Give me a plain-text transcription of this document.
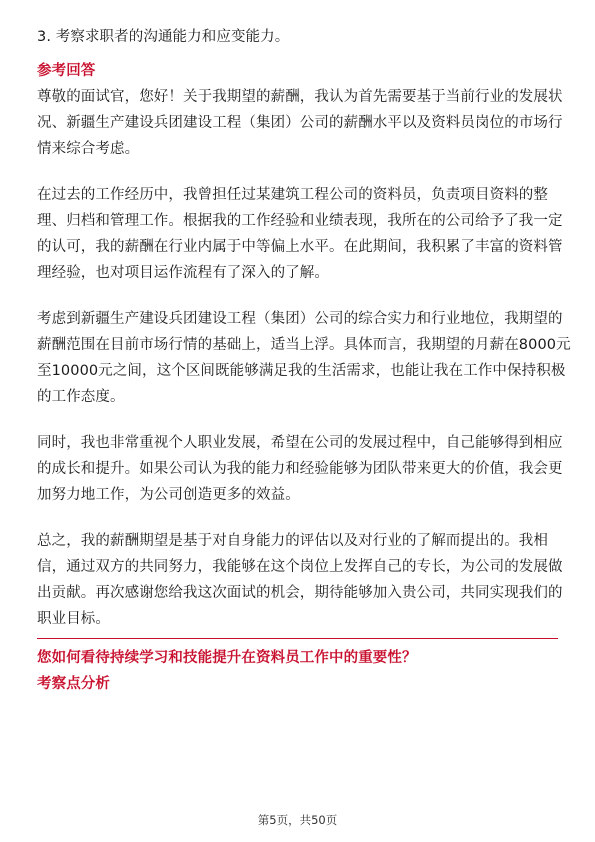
3. 考察求职者的沟通能力和应变能力。
参考回答
尊敬的面试官，您好！关于我期望的薪酬，我认为首先需要基于当前行业的发展状
况、新疆生产建设兵团建设工程（集团）公司的薪酬水平以及资料员岗位的市场行
情来综合考虑。
在过去的工作经历中，我曾担任过某建筑工程公司的资料员，负责项目资料的整
理、归档和管理工作。根据我的工作经验和业绩表现，我所在的公司给予了我一定
的认可，我的薪酬在行业内属于中等偏上水平。在此期间，我积累了丰富的资料管
理经验，也对项目运作流程有了深入的了解。
考虑到新疆生产建设兵团建设工程（集团）公司的综合实力和行业地位，我期望的
薪酬范围在目前市场行情的基础上，适当上浮。具体而言，我期望的月薪在8000元
至10000元之间，这个区间既能够满足我的生活需求，也能让我在工作中保持积极
的工作态度。
同时，我也非常重视个人职业发展，希望在公司的发展过程中，自己能够得到相应
的成长和提升。如果公司认为我的能力和经验能够为团队带来更大的价值，我会更
加努力地工作，为公司创造更多的效益。
总之，我的薪酬期望是基于对自身能力的评估以及对行业的了解而提出的。我相
信，通过双方的共同努力，我能够在这个岗位上发挥自己的专长，为公司的发展做
出贡献。再次感谢您给我这次面试的机会，期待能够加入贵公司，共同实现我们的
职业目标。
您如何看待持续学习和技能提升在资料员工作中的重要性？
考察点分析
第5页，共50页
